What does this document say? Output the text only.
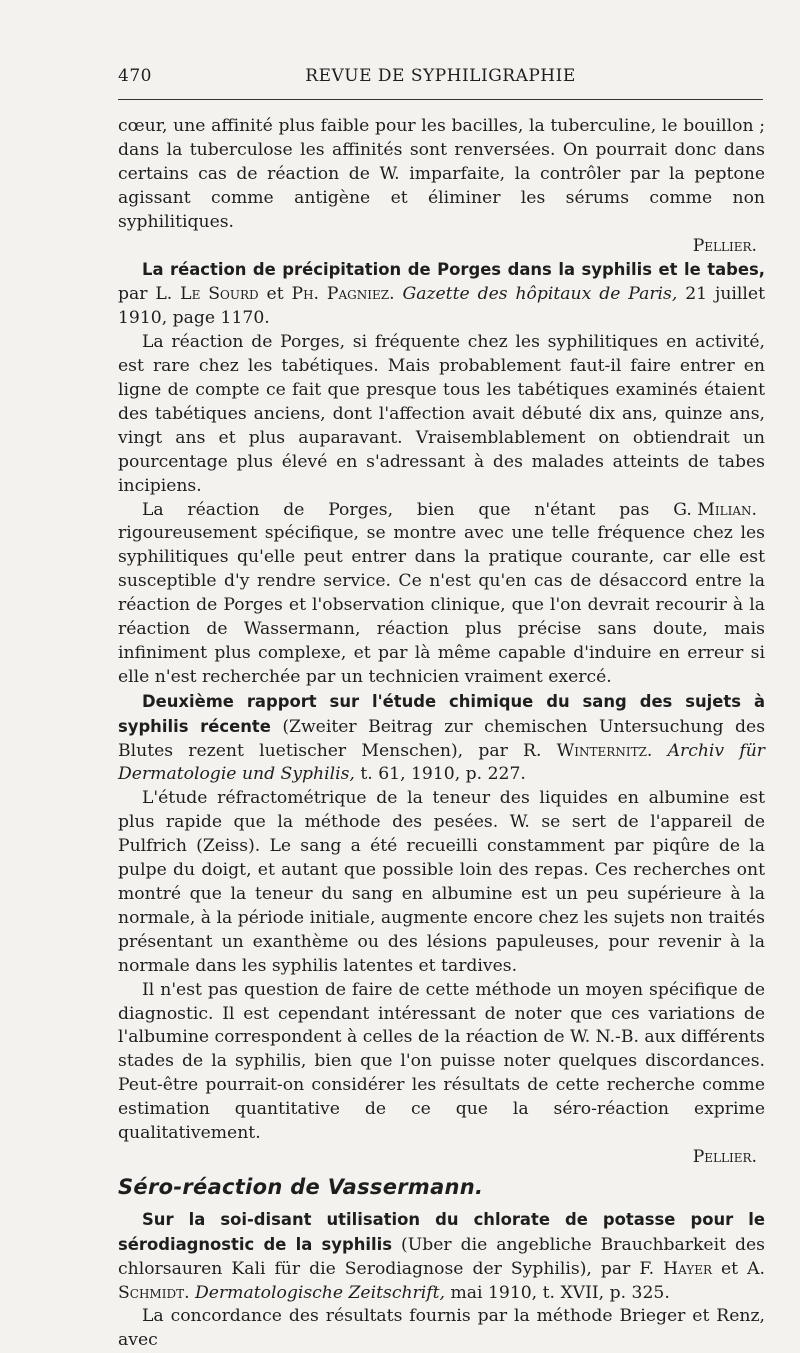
470	REVUE DE SYPHILIGRAPHIE

cœur, une affinité plus faible pour les bacilles, la tuberculine, le bouillon ; dans la tuberculose les affinités sont renversées. On pourrait donc dans certains cas de réaction de W. imparfaite, la contrôler par la peptone agissant comme antigène et éliminer les sérums comme non syphilitiques.

Pellier.

La réaction de précipitation de Porges dans la syphilis et le tabes, par L. Le Sourd et Ph. Pagniez. Gazette des hôpitaux de Paris, 21 juillet 1910, page 1170.

La réaction de Porges, si fréquente chez les syphilitiques en activité, est rare chez les tabétiques. Mais probablement faut-il faire entrer en ligne de compte ce fait que presque tous les tabétiques examinés étaient des tabétiques anciens, dont l'affection avait débuté dix ans, quinze ans, vingt ans et plus auparavant. Vraisemblablement on obtiendrait un pourcentage plus élevé en s'adressant à des malades atteints de tabes incipiens.

G. Milian.
La réaction de Porges, bien que n'étant pas rigoureusement spécifique, se montre avec une telle fréquence chez les syphilitiques qu'elle peut entrer dans la pratique courante, car elle est susceptible d'y rendre service. Ce n'est qu'en cas de désaccord entre la réaction de Porges et l'observation clinique, que l'on devrait recourir à la réaction de Wassermann, réaction plus précise sans doute, mais infiniment plus complexe, et par là même capable d'induire en erreur si elle n'est recherchée par un technicien vraiment exercé.

Deuxième rapport sur l'étude chimique du sang des sujets à syphilis récente (Zweiter Beitrag zur chemischen Untersuchung des Blutes rezent luetischer Menschen), par R. Winternitz. Archiv für Dermatologie und Syphilis, t. 61, 1910, p. 227.

L'étude réfractométrique de la teneur des liquides en albumine est plus rapide que la méthode des pesées. W. se sert de l'appareil de Pulfrich (Zeiss). Le sang a été recueilli constamment par piqûre de la pulpe du doigt, et autant que possible loin des repas. Ces recherches ont montré que la teneur du sang en albumine est un peu supérieure à la normale, à la période initiale, augmente encore chez les sujets non traités présentant un exanthème ou des lésions papuleuses, pour revenir à la normale dans les syphilis latentes et tardives.

Il n'est pas question de faire de cette méthode un moyen spécifique de diagnostic. Il est cependant intéressant de noter que ces variations de l'albumine correspondent à celles de la réaction de W. N.-B. aux différents stades de la syphilis, bien que l'on puisse noter quelques discordances. Peut-être pourrait-on considérer les résultats de cette recherche comme estimation quantitative de ce que la séro-réaction exprime qualitativement.

Pellier.

Séro-réaction de Vassermann.

Sur la soi-disant utilisation du chlorate de potasse pour le sérodiagnostic de la syphilis (Uber die angebliche Brauchbarkeit des chlorsauren Kali für die Serodiagnose der Syphilis), par F. Hayer et A. Schmidt. Dermatologische Zeitschrift, mai 1910, t. XVII, p. 325.

La concordance des résultats fournis par la méthode Brieger et Renz, avec
